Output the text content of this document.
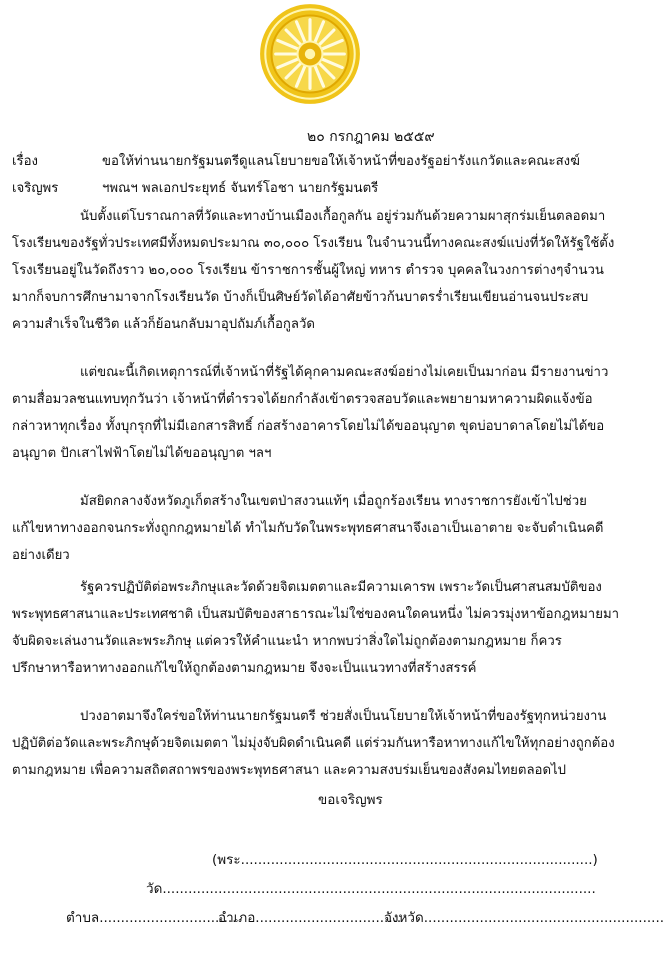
๒๐ กรกฎาคม ๒๕๕๙
เรื่อง	ขอให้ท่านนายกรัฐมนตรีดูแลนโยบายขอให้เจ้าหน้าที่ของรัฐอย่ารังแกวัดและคณะสงฆ์
เจริญพร	ฯพณฯ พลเอกประยุทธ์ จันทร์โอชา นายกรัฐมนตรี
นับตั้งแต่โบราณกาลที่วัดและทางบ้านเมืองเกื้อกูลกัน อยู่ร่วมกันด้วยความผาสุกร่มเย็นตลอดมา
โรงเรียนของรัฐทั่วประเทศมีทั้งหมดประมาณ ๓๐,๐๐๐ โรงเรียน ในจำนวนนี้ทางคณะสงฆ์แบ่งที่วัดให้รัฐใช้ตั้ง
โรงเรียนอยู่ในวัดถึงราว ๒๐,๐๐๐ โรงเรียน ข้าราชการชั้นผู้ใหญ่ ทหาร ตำรวจ บุคคลในวงการต่างๆจำนวน
มากก็จบการศึกษามาจากโรงเรียนวัด บ้างก็เป็นศิษย์วัดได้อาศัยข้าวก้นบาตรร่ำเรียนเขียนอ่านจนประสบ
ความสำเร็จในชีวิต แล้วก็ย้อนกลับมาอุปถัมภ์เกื้อกูลวัด
แต่ขณะนี้เกิดเหตุการณ์ที่เจ้าหน้าที่รัฐได้คุกคามคณะสงฆ์อย่างไม่เคยเป็นมาก่อน มีรายงานข่าว
ตามสื่อมวลชนแทบทุกวันว่า เจ้าหน้าที่ตำรวจได้ยกกำลังเข้าตรวจสอบวัดและพยายามหาความผิดแจ้งข้อ
กล่าวหาทุกเรื่อง ทั้งบุกรุกที่ไม่มีเอกสารสิทธิ์ ก่อสร้างอาคารโดยไม่ได้ขออนุญาต ขุดบ่อบาดาลโดยไม่ได้ขอ
อนุญาต ปักเสาไฟฟ้าโดยไม่ได้ขออนุญาต ฯลฯ
มัสยิดกลางจังหวัดภูเก็ตสร้างในเขตป่าสงวนแท้ๆ เมื่อถูกร้องเรียน ทางราชการยังเข้าไปช่วย
แก้ไขหาทางออกจนกระทั่งถูกกฎหมายได้ ทำไมกับวัดในพระพุทธศาสนาจึงเอาเป็นเอาตาย จะจับดำเนินคดี
อย่างเดียว
รัฐควรปฏิบัติต่อพระภิกษุและวัดด้วยจิตเมตตาและมีความเคารพ เพราะวัดเป็นศาสนสมบัติของ
พระพุทธศาสนาและประเทศชาติ เป็นสมบัติของสาธารณะไม่ใช่ของคนใดคนหนึ่ง ไม่ควรมุ่งหาข้อกฎหมายมา
จับผิดจะเล่นงานวัดและพระภิกษุ แต่ควรให้คำแนะนำ หากพบว่าสิ่งใดไม่ถูกต้องตามกฎหมาย ก็ควร
ปรึกษาหารือหาทางออกแก้ไขให้ถูกต้องตามกฎหมาย จึงจะเป็นแนวทางที่สร้างสรรค์
ปวงอาตมาจึงใคร่ขอให้ท่านนายกรัฐมนตรี ช่วยสั่งเป็นนโยบายให้เจ้าหน้าที่ของรัฐทุกหน่วยงาน
ปฏิบัติต่อวัดและพระภิกษุด้วยจิตเมตตา ไม่มุ่งจับผิดดำเนินคดี แต่ร่วมกันหารือหาทางแก้ไขให้ทุกอย่างถูกต้อง
ตามกฎหมาย เพื่อความสถิตสถาพรของพระพุทธศาสนา และความสงบร่มเย็นของสังคมไทยตลอดไป
ขอเจริญพร
(พระ..................................................................................)
วัด.....................................................................................................
ตำบล................................
อำเภอ..................................
จังหวัด........................................................
